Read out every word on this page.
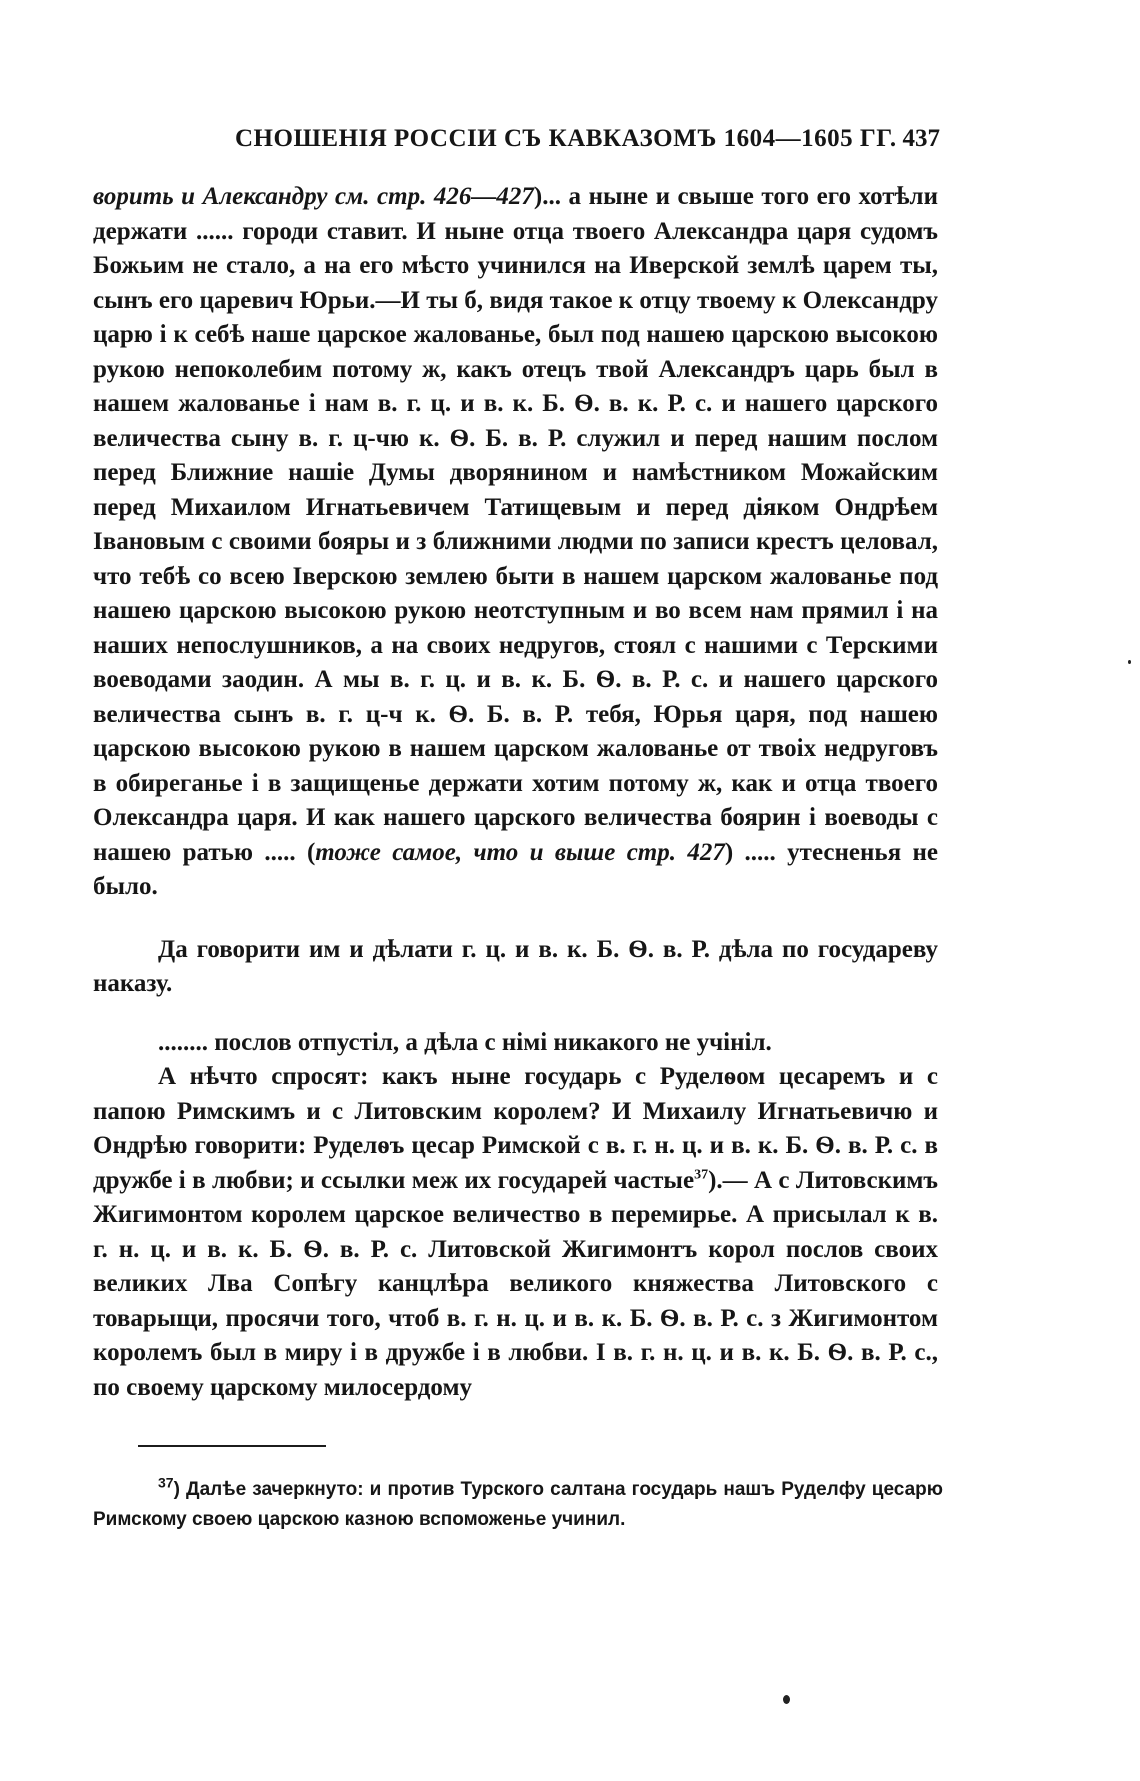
СНОШЕНІЯ РОССІИ СЪ КАВКАЗОМЪ 1604—1605 ГГ. 437

ворить и Александру см. стр. 426—427)... а ныне и свыше того его хотѣли держати ...... городи ставит. И ныне отца твоего Александра царя судомъ Божьим не стало, а на его мѣсто учинился на Иверской землѣ царем ты, сынъ его царевич Юрьи.—И ты б, видя такое к отцу твоему к Олександру царю і к себѣ наше царское жалованье, был под нашею царскою высокою рукою непоколебим потому ж, какъ отецъ твой Александръ царь был в нашем жалованье і нам в. г. ц. и в. к. Б. Ѳ. в. к. Р. с. и нашего царского величества сыну в. г. ц-чю к. Ѳ. Б. в. Р. служил и перед нашим послом перед Ближние нашіе Думы дворянином и намѣстником Можайским перед Михаилом Игнатьевичем Татищевым и перед діяком Ондрѣем Івановым с своими бояры и з ближними людми по записи крестъ целовал, что тебѣ со всею Іверскою землею быти в нашем царском жалованье под нашею царскою высокою рукою неотступным и во всем нам прямил і на наших непослушников, а на своих недругов, стоял с нашими с Терскими воеводами заодин. А мы в. г. ц. и в. к. Б. Ѳ. в. Р. с. и нашего царского величества сынъ в. г. ц-ч к. Ѳ. Б. в. Р. тебя, Юрья царя, под нашею царскою высокою рукою в нашем царском жалованье от твоіх недруговъ в обиреганье і в защищенье держати хотим потому ж, как и отца твоего Олександра царя. И как нашего царского величества боярин і воеводы с нашею ратью ..... (тоже самое, что и выше стр. 427) ..... утесненья не было.

Да говорити им и дѣлати г. ц. и в. к. Б. Ѳ. в. Р. дѣла по государеву наказу.

........ послов отпустіл, а дѣла с німі никакого не учініл.

А нѣчто спросят: какъ ныне государь с Руделѳом цесаремъ и с папою Римскимъ и с Литовским королем? И Михаилу Игнатьевичю и Ондрѣю говорити: Руделѳъ цесар Римской с в. г. н. ц. и в. к. Б. Ѳ. в. Р. с. в дружбе і в любви; и ссылки меж их государей частые$^{37}$).— А с Литовскимъ Жигимонтом королем царское величество в перемирье. А присылал к в. г. н. ц. и в. к. Б. Ѳ. в. Р. с. Литовской Жигимонтъ корол послов своих великих Лва Сопѣгу канцлѣра великого княжества Литовского с товарыщи, просячи того, чтоб в. г. н. ц. и в. к. Б. Ѳ. в. Р. с. з Жигимонтом королемъ был в миру і в дружбе і в любви. І в. г. н. ц. и в. к. Б. Ѳ. в. Р. с., по своему царскому милосердому

$^{37}$) Далѣе зачеркнуто: и против Турского салтана государь нашъ Руделфу цесарю Римскому своею царскою казною вспоможенье учинил.
